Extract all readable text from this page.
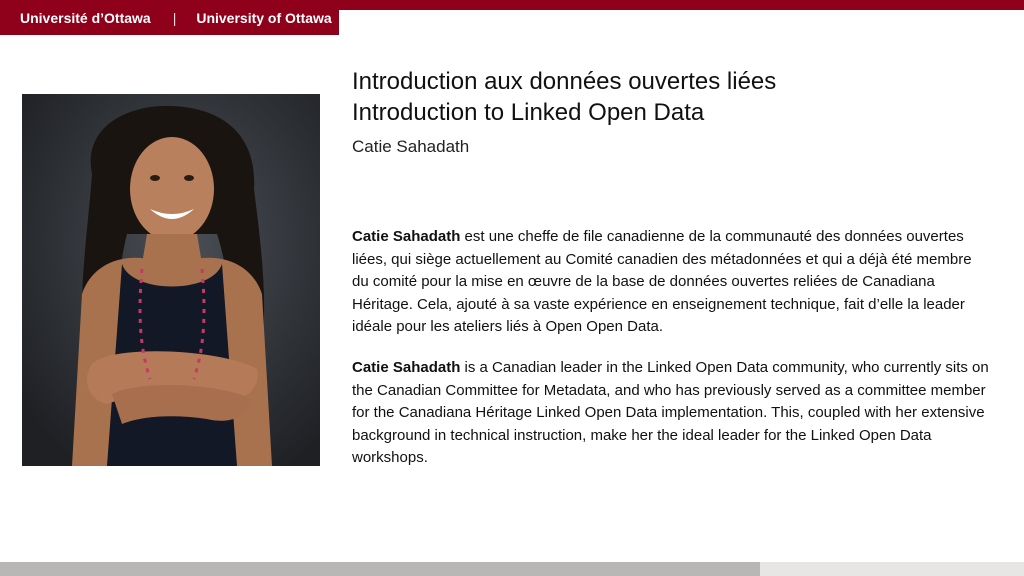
Université d’Ottawa | University of Ottawa
Introduction aux données ouvertes liées
Introduction to Linked Open Data
Catie Sahadath
Catie Sahadath est une cheffe de file canadienne de la communauté des données ouvertes liées, qui siège actuellement au Comité canadien des métadonnées et qui a déjà été membre du comité pour la mise en œuvre de la base de données ouvertes reliées de Canadiana Héritage. Cela, ajouté à sa vaste expérience en enseignement technique, fait d’elle la leader idéale pour les ateliers liés à Open Open Data.
Catie Sahadath is a Canadian leader in the Linked Open Data community, who currently sits on the Canadian Committee for Metadata, and who has previously served as a committee member for the Canadiana Héritage Linked Open Data implementation. This, coupled with her extensive background in technical instruction, make her the ideal leader for the Linked Open Data workshops.
